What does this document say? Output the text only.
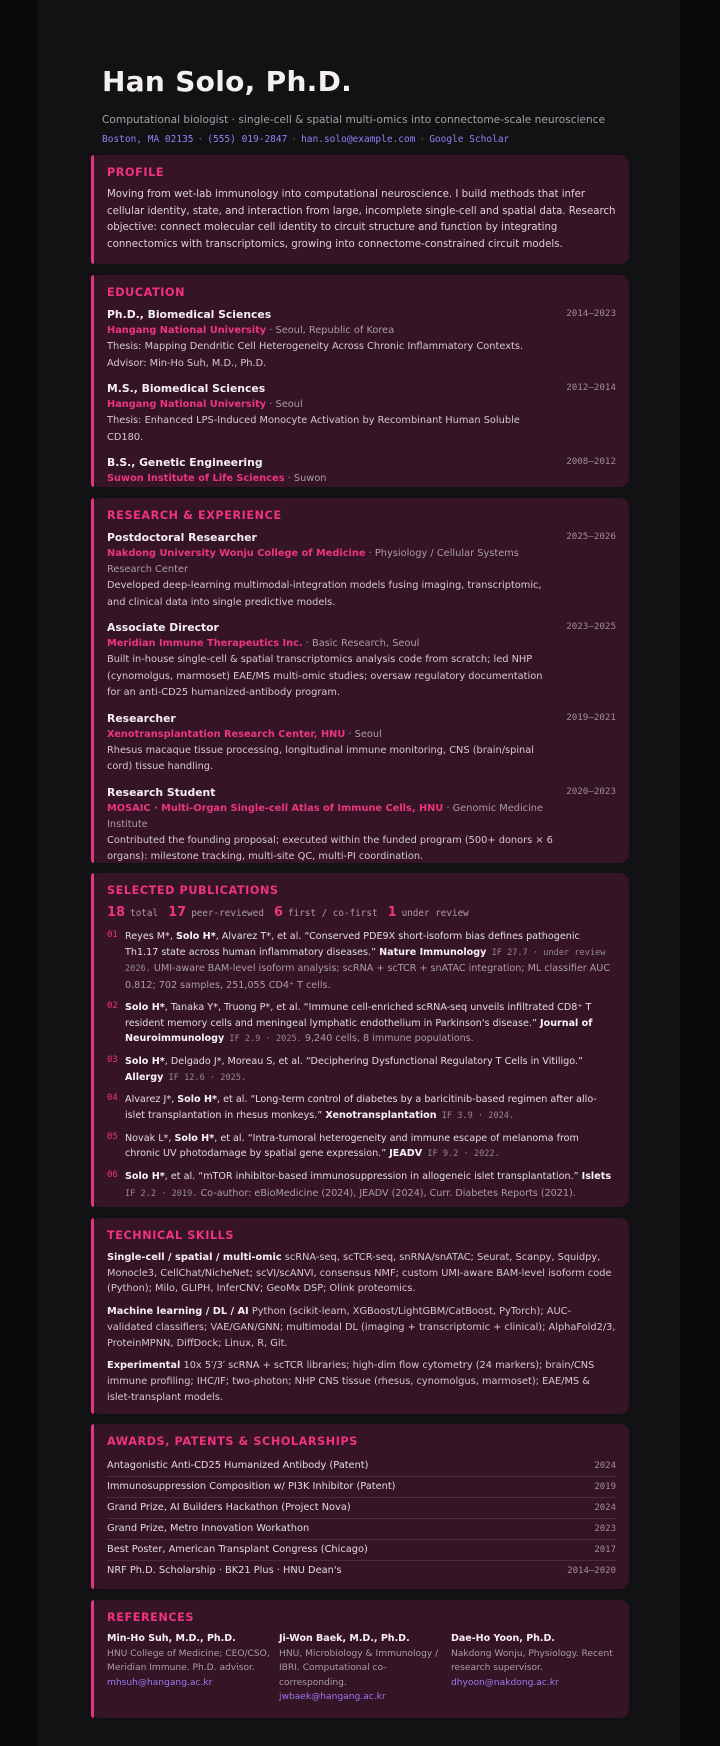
Han Solo, Ph.D.
Computational biologist · single-cell & spatial multi-omics into connectome-scale neuroscience
Boston, MA 02135 · (555) 019-2847 · han.solo@example.com · Google Scholar
PROFILE
Moving from wet-lab immunology into computational neuroscience. I build methods that infer cellular identity, state, and interaction from large, incomplete single-cell and spatial data. Research objective: connect molecular cell identity to circuit structure and function by integrating connectomics with transcriptomics, growing into connectome-constrained circuit models.
EDUCATION
Ph.D., Biomedical Sciences	2014–2023
Hangang National University · Seoul, Republic of Korea
Thesis: Mapping Dendritic Cell Heterogeneity Across Chronic Inflammatory Contexts. Advisor: Min-Ho Suh, M.D., Ph.D.
M.S., Biomedical Sciences	2012–2014
Hangang National University · Seoul
Thesis: Enhanced LPS-Induced Monocyte Activation by Recombinant Human Soluble CD180.
B.S., Genetic Engineering	2008–2012
Suwon Institute of Life Sciences · Suwon
RESEARCH & EXPERIENCE
Postdoctoral Researcher	2025–2026
Nakdong University Wonju College of Medicine · Physiology / Cellular Systems Research Center
Developed deep-learning multimodal-integration models fusing imaging, transcriptomic, and clinical data into single predictive models.
Associate Director	2023–2025
Meridian Immune Therapeutics Inc. · Basic Research, Seoul
Built in-house single-cell & spatial transcriptomics analysis code from scratch; led NHP (cynomolgus, marmoset) EAE/MS multi-omic studies; oversaw regulatory documentation for an anti-CD25 humanized-antibody program.
Researcher	2019–2021
Xenotransplantation Research Center, HNU · Seoul
Rhesus macaque tissue processing, longitudinal immune monitoring, CNS (brain/spinal cord) tissue handling.
Research Student	2020–2023
MOSAIC · Multi-Organ Single-cell Atlas of Immune Cells, HNU · Genomic Medicine Institute
Contributed the founding proposal; executed within the funded program (500+ donors × 6 organs): milestone tracking, multi-site QC, multi-PI coordination.
SELECTED PUBLICATIONS
18 total 17 peer-reviewed 6 first / co-first 1 under review
01 Reyes M*, Solo H*, Alvarez T*, et al. “Conserved PDE9X short-isoform bias defines pathogenic Th1.17 state across human inflammatory diseases.” Nature Immunology IF 27.7 · under review 2026. UMI-aware BAM-level isoform analysis; scRNA + scTCR + snATAC integration; ML classifier AUC 0.812; 702 samples, 251,055 CD4⁺ T cells.
02 Solo H*, Tanaka Y*, Truong P*, et al. “Immune cell-enriched scRNA-seq unveils infiltrated CD8⁺ T resident memory cells and meningeal lymphatic endothelium in Parkinson's disease.” Journal of Neuroimmunology IF 2.9 · 2025. 9,240 cells, 8 immune populations.
03 Solo H*, Delgado J*, Moreau S, et al. “Deciphering Dysfunctional Regulatory T Cells in Vitiligo.” Allergy IF 12.6 · 2025.
04 Alvarez J*, Solo H*, et al. “Long-term control of diabetes by a baricitinib-based regimen after allo-islet transplantation in rhesus monkeys.” Xenotransplantation IF 3.9 · 2024.
05 Novak L*, Solo H*, et al. “Intra-tumoral heterogeneity and immune escape of melanoma from chronic UV photodamage by spatial gene expression.” JEADV IF 9.2 · 2022.
06 Solo H*, et al. “mTOR inhibitor-based immunosuppression in allogeneic islet transplantation.” Islets IF 2.2 · 2019. Co-author: eBioMedicine (2024), JEADV (2024), Curr. Diabetes Reports (2021).
TECHNICAL SKILLS
Single-cell / spatial / multi-omic scRNA-seq, scTCR-seq, snRNA/snATAC; Seurat, Scanpy, Squidpy, Monocle3, CellChat/NicheNet; scVI/scANVI, consensus NMF; custom UMI-aware BAM-level isoform code (Python); Milo, GLIPH, InferCNV; GeoMx DSP; Olink proteomics.
Machine learning / DL / AI Python (scikit-learn, XGBoost/LightGBM/CatBoost, PyTorch); AUC-validated classifiers; VAE/GAN/GNN; multimodal DL (imaging + transcriptomic + clinical); AlphaFold2/3, ProteinMPNN, DiffDock; Linux, R, Git.
Experimental 10x 5′/3′ scRNA + scTCR libraries; high-dim flow cytometry (24 markers); brain/CNS immune profiling; IHC/IF; two-photon; NHP CNS tissue (rhesus, cynomolgus, marmoset); EAE/MS & islet-transplant models.
AWARDS, PATENTS & SCHOLARSHIPS
Antagonistic Anti-CD25 Humanized Antibody (Patent)	2024
Immunosuppression Composition w/ PI3K Inhibitor (Patent)	2019
Grand Prize, AI Builders Hackathon (Project Nova)	2024
Grand Prize, Metro Innovation Workathon	2023
Best Poster, American Transplant Congress (Chicago)	2017
NRF Ph.D. Scholarship · BK21 Plus · HNU Dean's	2014–2020
REFERENCES
Min-Ho Suh, M.D., Ph.D.
HNU College of Medicine; CEO/CSO, Meridian Immune. Ph.D. advisor.
mhsuh@hangang.ac.kr
Ji-Won Baek, M.D., Ph.D.
HNU, Microbiology & Immunology / IBRI. Computational co-corresponding.
jwbaek@hangang.ac.kr
Dae-Ho Yoon, Ph.D.
Nakdong Wonju, Physiology. Recent research supervisor.
dhyoon@nakdong.ac.kr
